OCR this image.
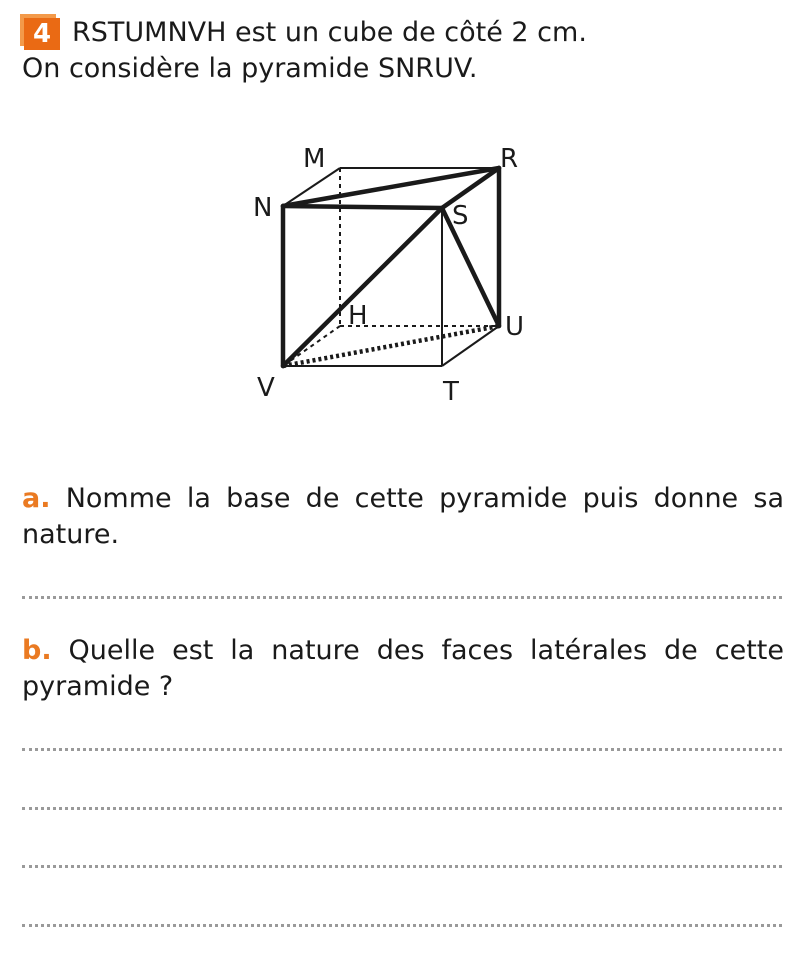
4 RSTUMNVH est un cube de côté 2 cm.
On considère la pyramide SNRUV.
M	R
N	S
H	U
V	T
a. Nomme la base de cette pyramide puis donne sa nature.
b. Quelle est la nature des faces latérales de cette pyramide ?
